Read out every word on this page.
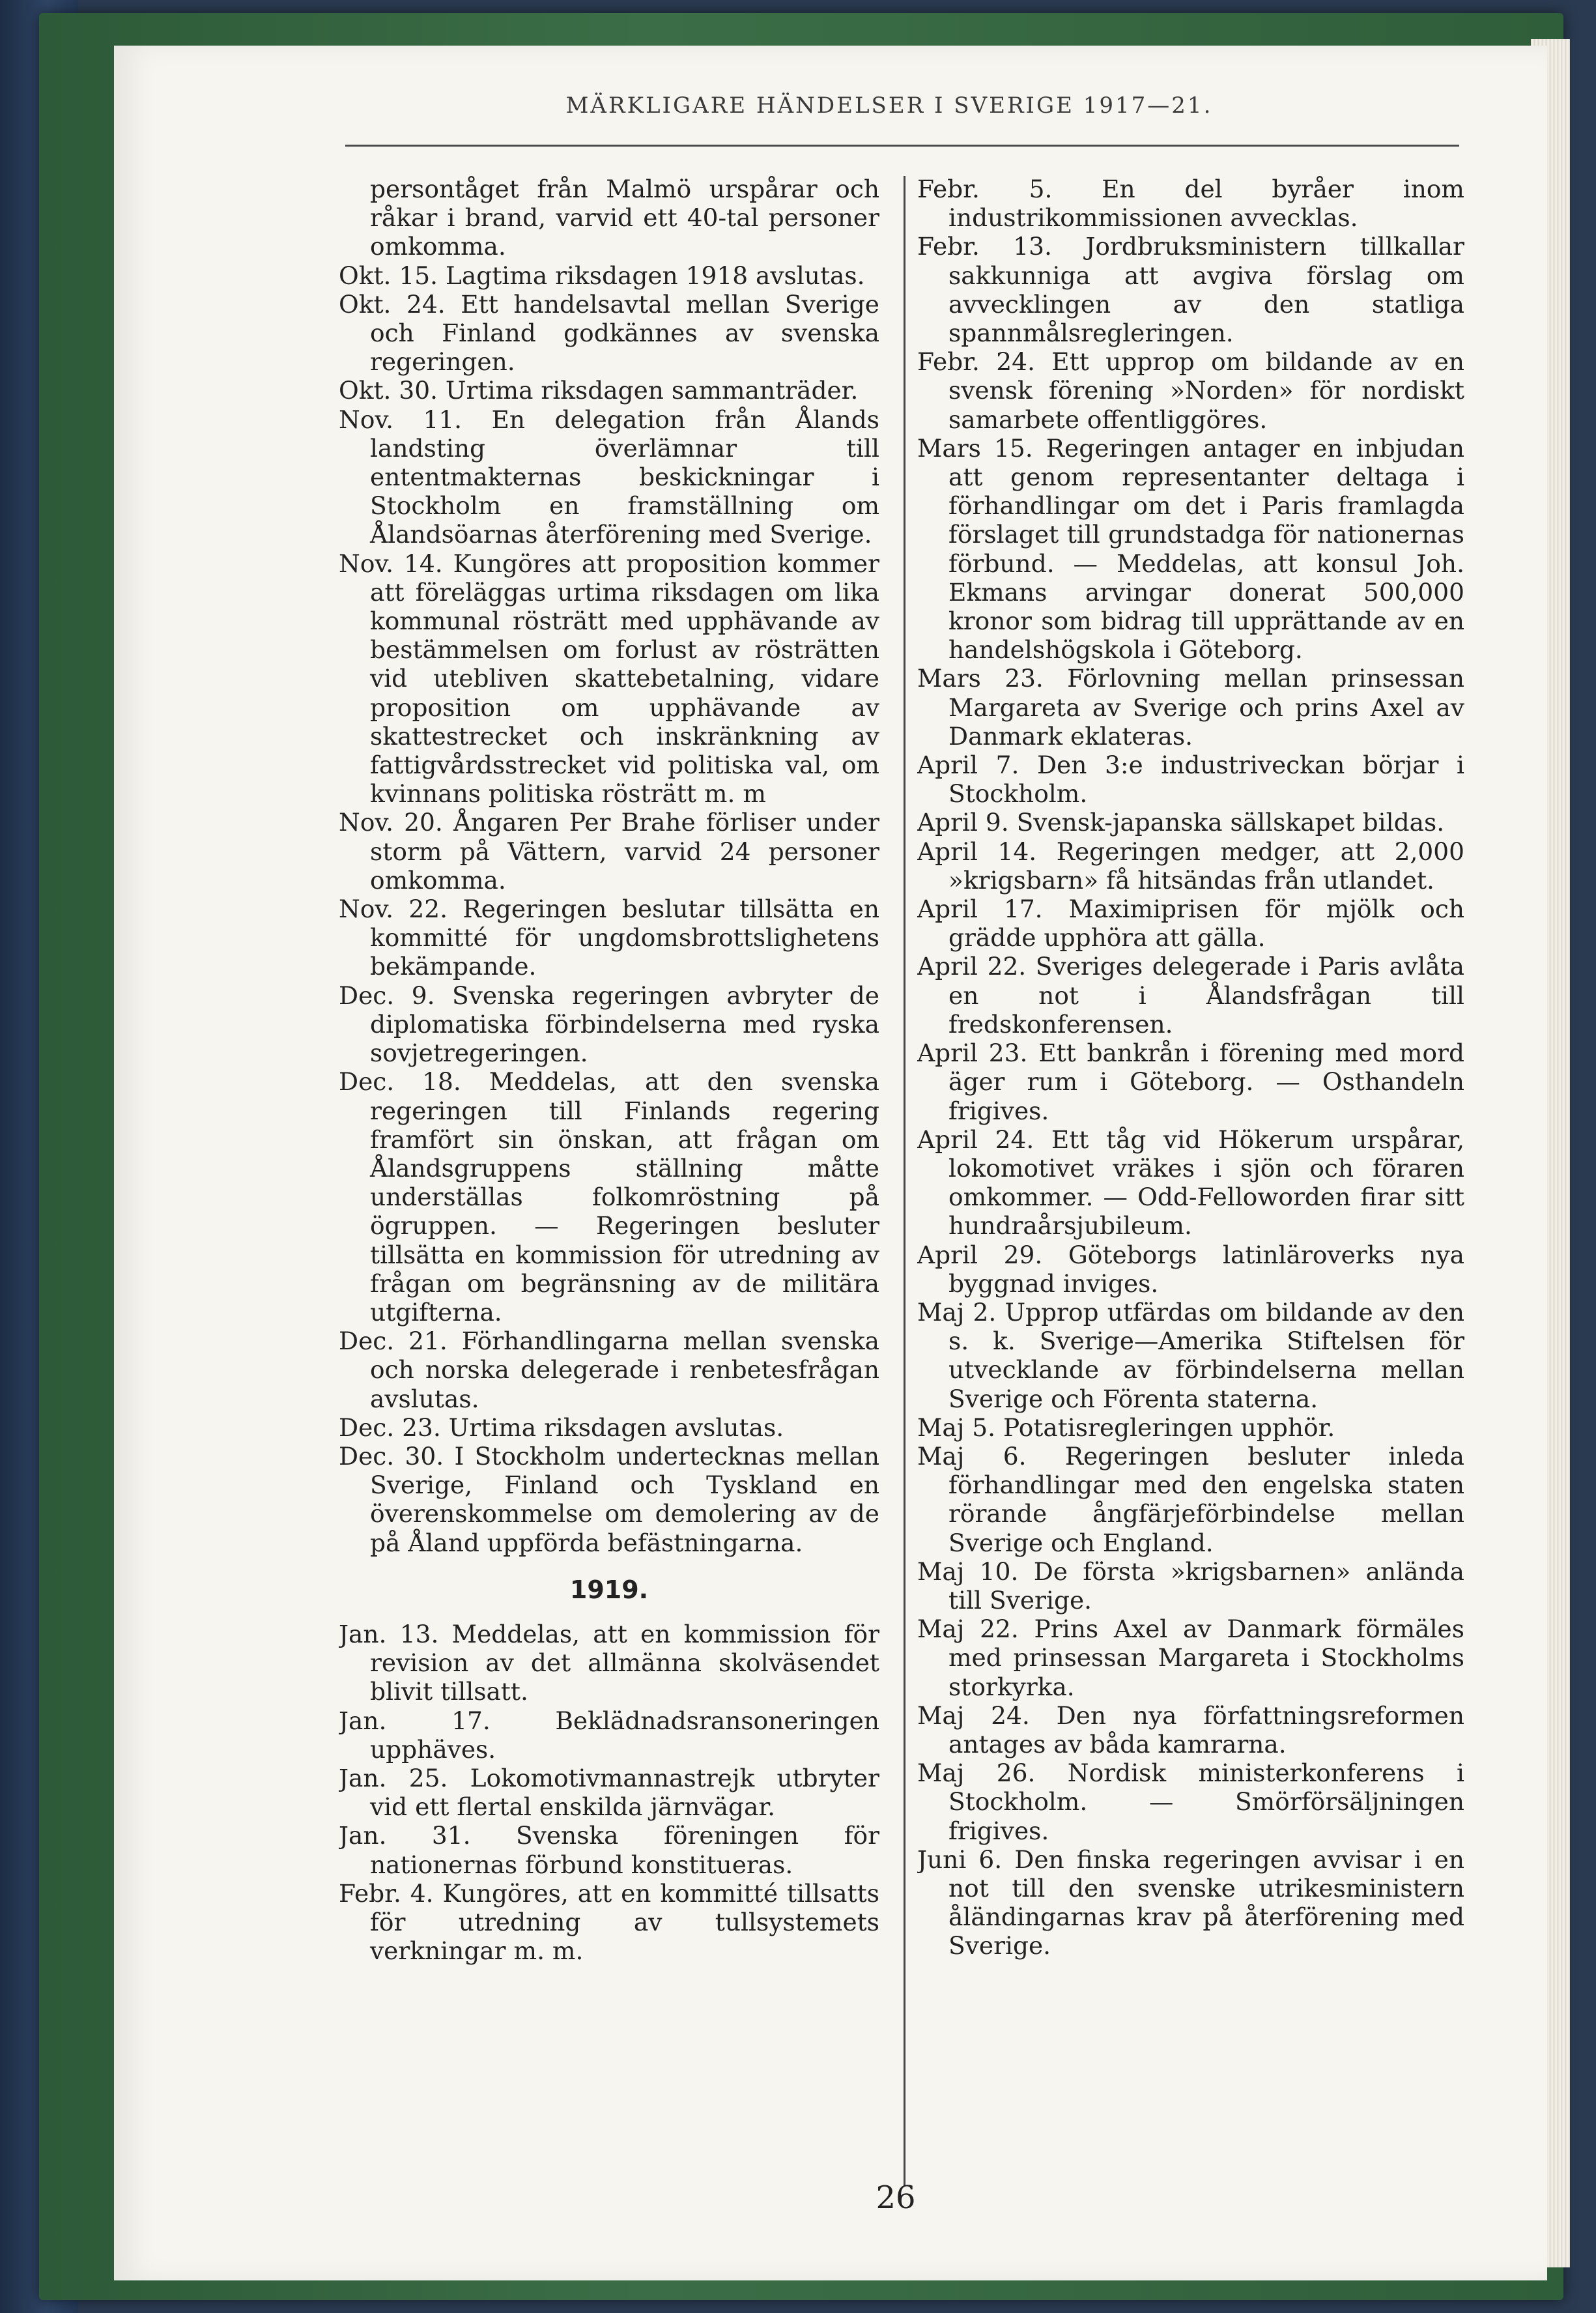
MÄRKLIGARE HÄNDELSER I SVERIGE 1917—21.

persontåget från Malmö urspårar och råkar i brand, varvid ett 40-tal personer omkomma.

Okt. 15. Lagtima riksdagen 1918 avslutas.

Okt. 24. Ett handelsavtal mellan Sverige och Finland godkännes av svenska regeringen.

Okt. 30. Urtima riksdagen sammanträder.

Nov. 11. En delegation från Ålands landsting överlämnar till ententmakternas beskickningar i Stockholm en framställning om Ålandsöarnas återförening med Sverige.

Nov. 14. Kungöres att proposition kommer att föreläggas urtima riksdagen om lika kommunal rösträtt med upphävande av bestämmelsen om forlust av rösträtten vid utebliven skattebetalning, vidare proposition om upphävande av skattestrecket och inskränkning av fattigvårdsstrecket vid politiska val, om kvinnans politiska rösträtt m. m

Nov. 20. Ångaren Per Brahe förliser under storm på Vättern, varvid 24 personer omkomma.

Nov. 22. Regeringen beslutar tillsätta en kommitté för ungdomsbrottslighetens bekämpande.

Dec. 9. Svenska regeringen avbryter de diplomatiska förbindelserna med ryska sovjetregeringen.

Dec. 18. Meddelas, att den svenska regeringen till Finlands regering framfört sin önskan, att frågan om Ålandsgruppens ställning måtte underställas folkomröstning på ögruppen. — Regeringen besluter tillsätta en kommission för utredning av frågan om begränsning av de militära utgifterna.

Dec. 21. Förhandlingarna mellan svenska och norska delegerade i renbetesfrågan avslutas.

Dec. 23. Urtima riksdagen avslutas.

Dec. 30. I Stockholm undertecknas mellan Sverige, Finland och Tyskland en överenskommelse om demolering av de på Åland uppförda befästningarna.

1919.

Jan. 13. Meddelas, att en kommission för revision av det allmänna skolväsendet blivit tillsatt.

Jan. 17. Beklädnadsransoneringen upphäves.

Jan. 25. Lokomotivmannastrejk utbryter vid ett flertal enskilda järnvägar.

Jan. 31. Svenska föreningen för nationernas förbund konstitueras.

Febr. 4. Kungöres, att en kommitté tillsatts för utredning av tullsystemets verkningar m. m.

Febr. 5. En del byråer inom industrikommissionen avvecklas.

Febr. 13. Jordbruksministern tillkallar sakkunniga att avgiva förslag om avvecklingen av den statliga spannmålsregleringen.

Febr. 24. Ett upprop om bildande av en svensk förening »Norden» för nordiskt samarbete offentliggöres.

Mars 15. Regeringen antager en inbjudan att genom representanter deltaga i förhandlingar om det i Paris framlagda förslaget till grundstadga för nationernas förbund. — Meddelas, att konsul Joh. Ekmans arvingar donerat 500,000 kronor som bidrag till upprättande av en handelshögskola i Göteborg.

Mars 23. Förlovning mellan prinsessan Margareta av Sverige och prins Axel av Danmark eklateras.

April 7. Den 3:e industriveckan börjar i Stockholm.

April 9. Svensk-japanska sällskapet bildas.

April 14. Regeringen medger, att 2,000 »krigsbarn» få hitsändas från utlandet.

April 17. Maximiprisen för mjölk och grädde upphöra att gälla.

April 22. Sveriges delegerade i Paris avlåta en not i Ålandsfrågan till fredskonferensen.

April 23. Ett bankrån i förening med mord äger rum i Göteborg. — Osthandeln frigives.

April 24. Ett tåg vid Hökerum urspårar, lokomotivet vräkes i sjön och föraren omkommer. — Odd-Felloworden firar sitt hundraårsjubileum.

April 29. Göteborgs latinläroverks nya byggnad inviges.

Maj 2. Upprop utfärdas om bildande av den s. k. Sverige—Amerika Stiftelsen för utvecklande av förbindelserna mellan Sverige och Förenta staterna.

Maj 5. Potatisregleringen upphör.

Maj 6. Regeringen besluter inleda förhandlingar med den engelska staten rörande ångfärjeförbindelse mellan Sverige och England.

Maj 10. De första »krigsbarnen» anlända till Sverige.

Maj 22. Prins Axel av Danmark förmäles med prinsessan Margareta i Stockholms storkyrka.

Maj 24. Den nya författningsreformen antages av båda kamrarna.

Maj 26. Nordisk ministerkonferens i Stockholm. — Smörförsäljningen frigives.

Juni 6. Den finska regeringen avvisar i en not till den svenske utrikesministern åländingarnas krav på återförening med Sverige.

26
